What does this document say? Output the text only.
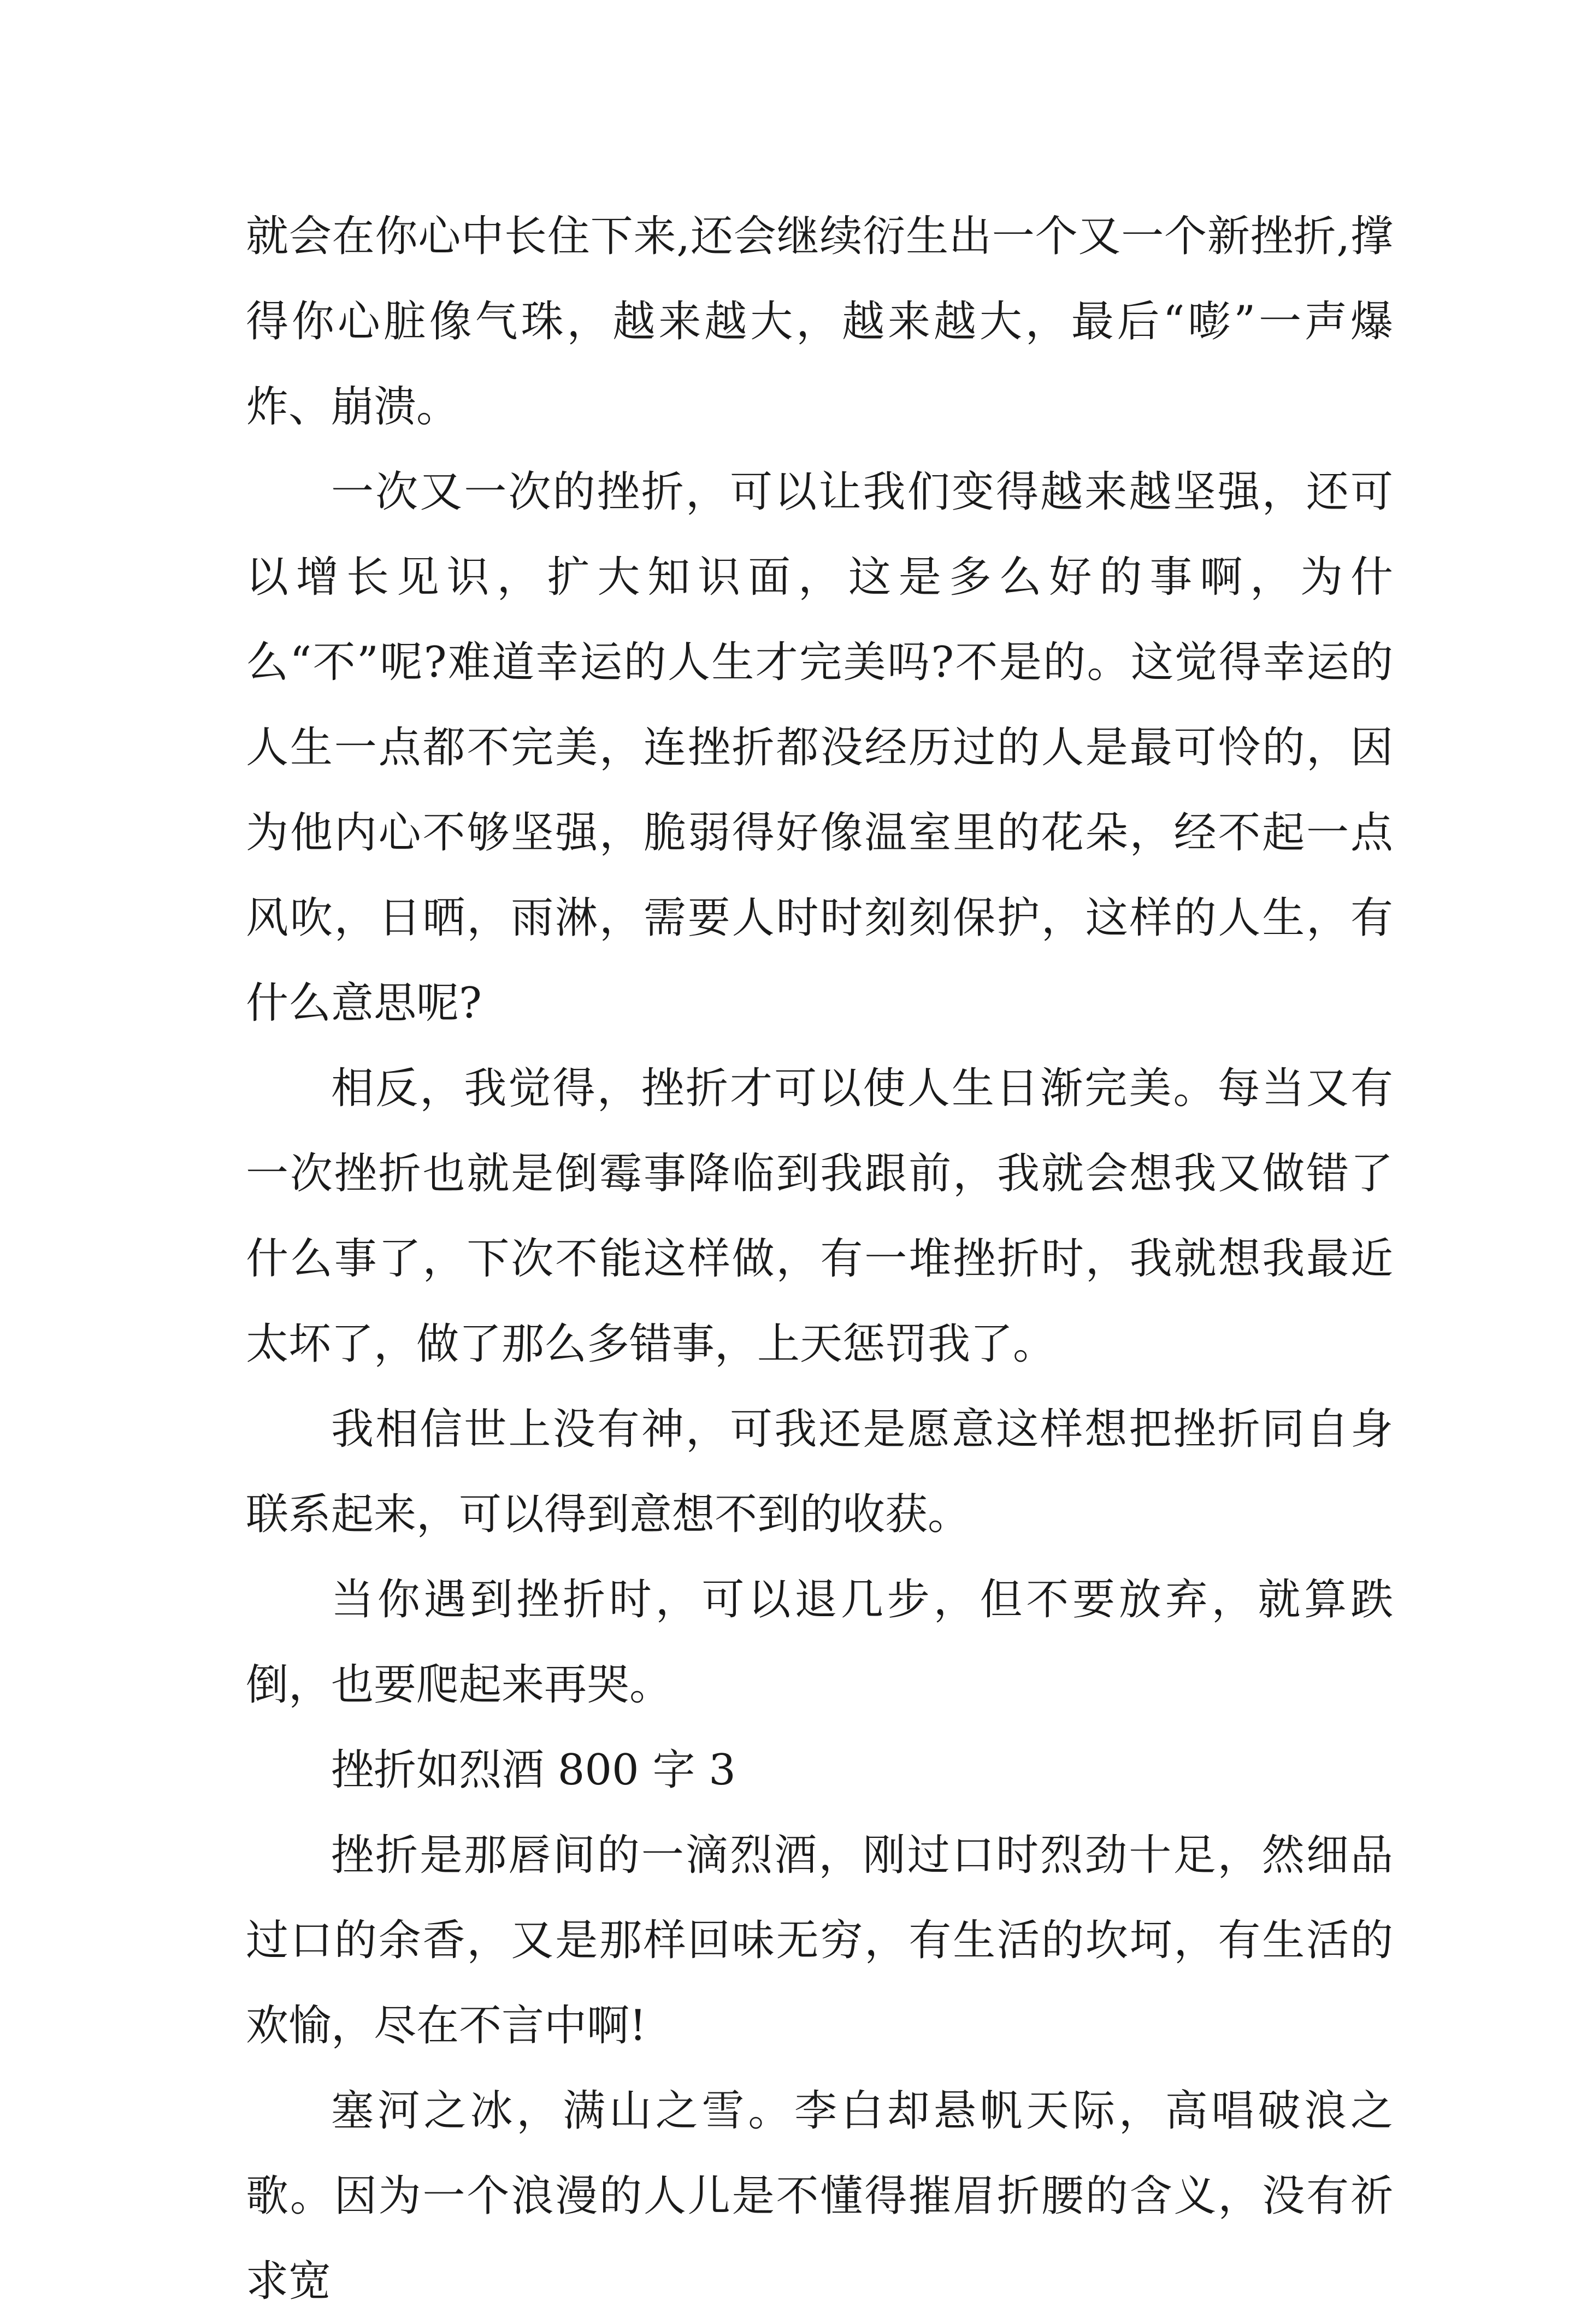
就会在你心中长住下来,还会继续衍生出一个又一个新挫折,撑得你心脏像气珠，越来越大，越来越大，最后“嘭”一声爆炸、崩溃。

一次又一次的挫折，可以让我们变得越来越坚强，还可以增长见识，扩大知识面，这是多么好的事啊，为什么“不”呢?难道幸运的人生才完美吗?不是的。这觉得幸运的人生一点都不完美，连挫折都没经历过的人是最可怜的，因为他内心不够坚强，脆弱得好像温室里的花朵，经不起一点风吹，日晒，雨淋，需要人时时刻刻保护，这样的人生，有什么意思呢?

相反，我觉得，挫折才可以使人生日渐完美。每当又有一次挫折也就是倒霉事降临到我跟前，我就会想我又做错了什么事了，下次不能这样做，有一堆挫折时，我就想我最近太坏了，做了那么多错事，上天惩罚我了。

我相信世上没有神，可我还是愿意这样想把挫折同自身联系起来，可以得到意想不到的收获。

当你遇到挫折时，可以退几步，但不要放弃，就算跌倒，也要爬起来再哭。

挫折如烈酒 800 字 3

挫折是那唇间的一滴烈酒，刚过口时烈劲十足，然细品过口的余香，又是那样回味无穷，有生活的坎坷，有生活的欢愉，尽在不言中啊!

塞河之冰，满山之雪。李白却悬帆天际，高唱破浪之歌。因为一个浪漫的人儿是不懂得摧眉折腰的含义，没有祈求宽
